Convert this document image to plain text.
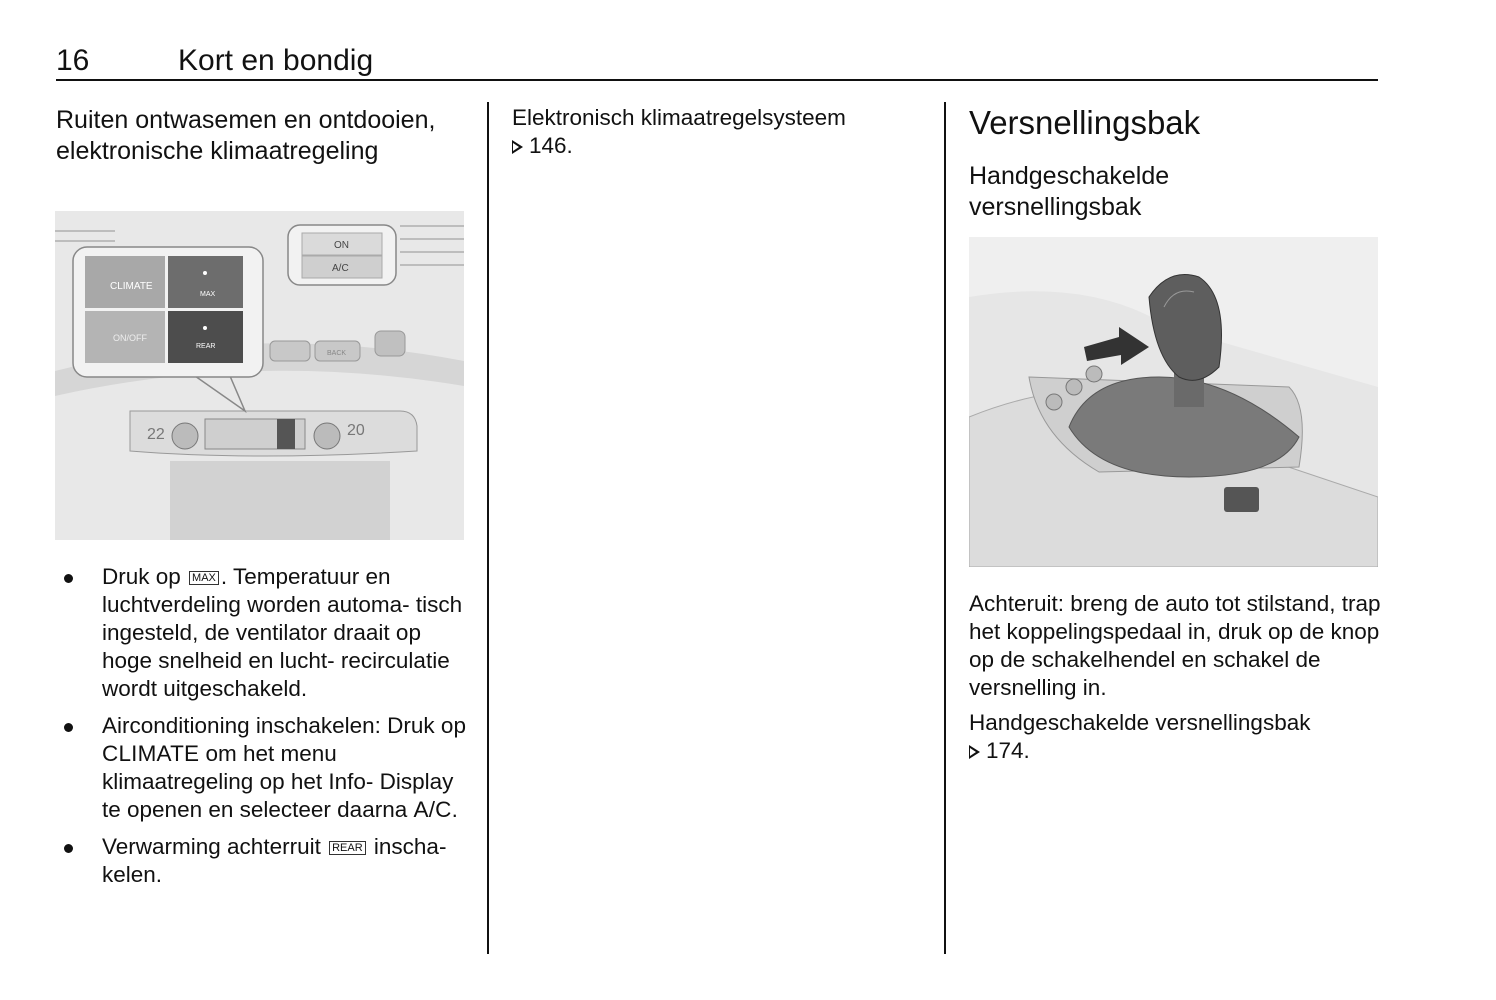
16	Kort en bondig
Ruiten ontwasemen en ontdooien, elektronische klimaatregeling
22	20
CLIMATE
MAX
ON/OFF
REAR
BACK
ON
A/C
Druk op MAX . Temperatuur en luchtverdeling worden automa- tisch ingesteld, de ventilator draait op hoge snelheid en lucht- recirculatie wordt uitgeschakeld.
Airconditioning inschakelen: Druk op CLIMATE om het menu klimaatregeling op het Info- Display te openen en selecteer daarna A/C.
Verwarming achterruit REAR inscha- kelen.

Elektronisch klimaatregelsysteem
146.

Versnellingsbak
Handgeschakelde versnellingsbak

Achteruit: breng de auto tot stilstand, trap het koppelingspedaal in, druk op de knop op de schakelhendel en schakel de versnelling in.

Handgeschakelde versnellingsbak
174.
